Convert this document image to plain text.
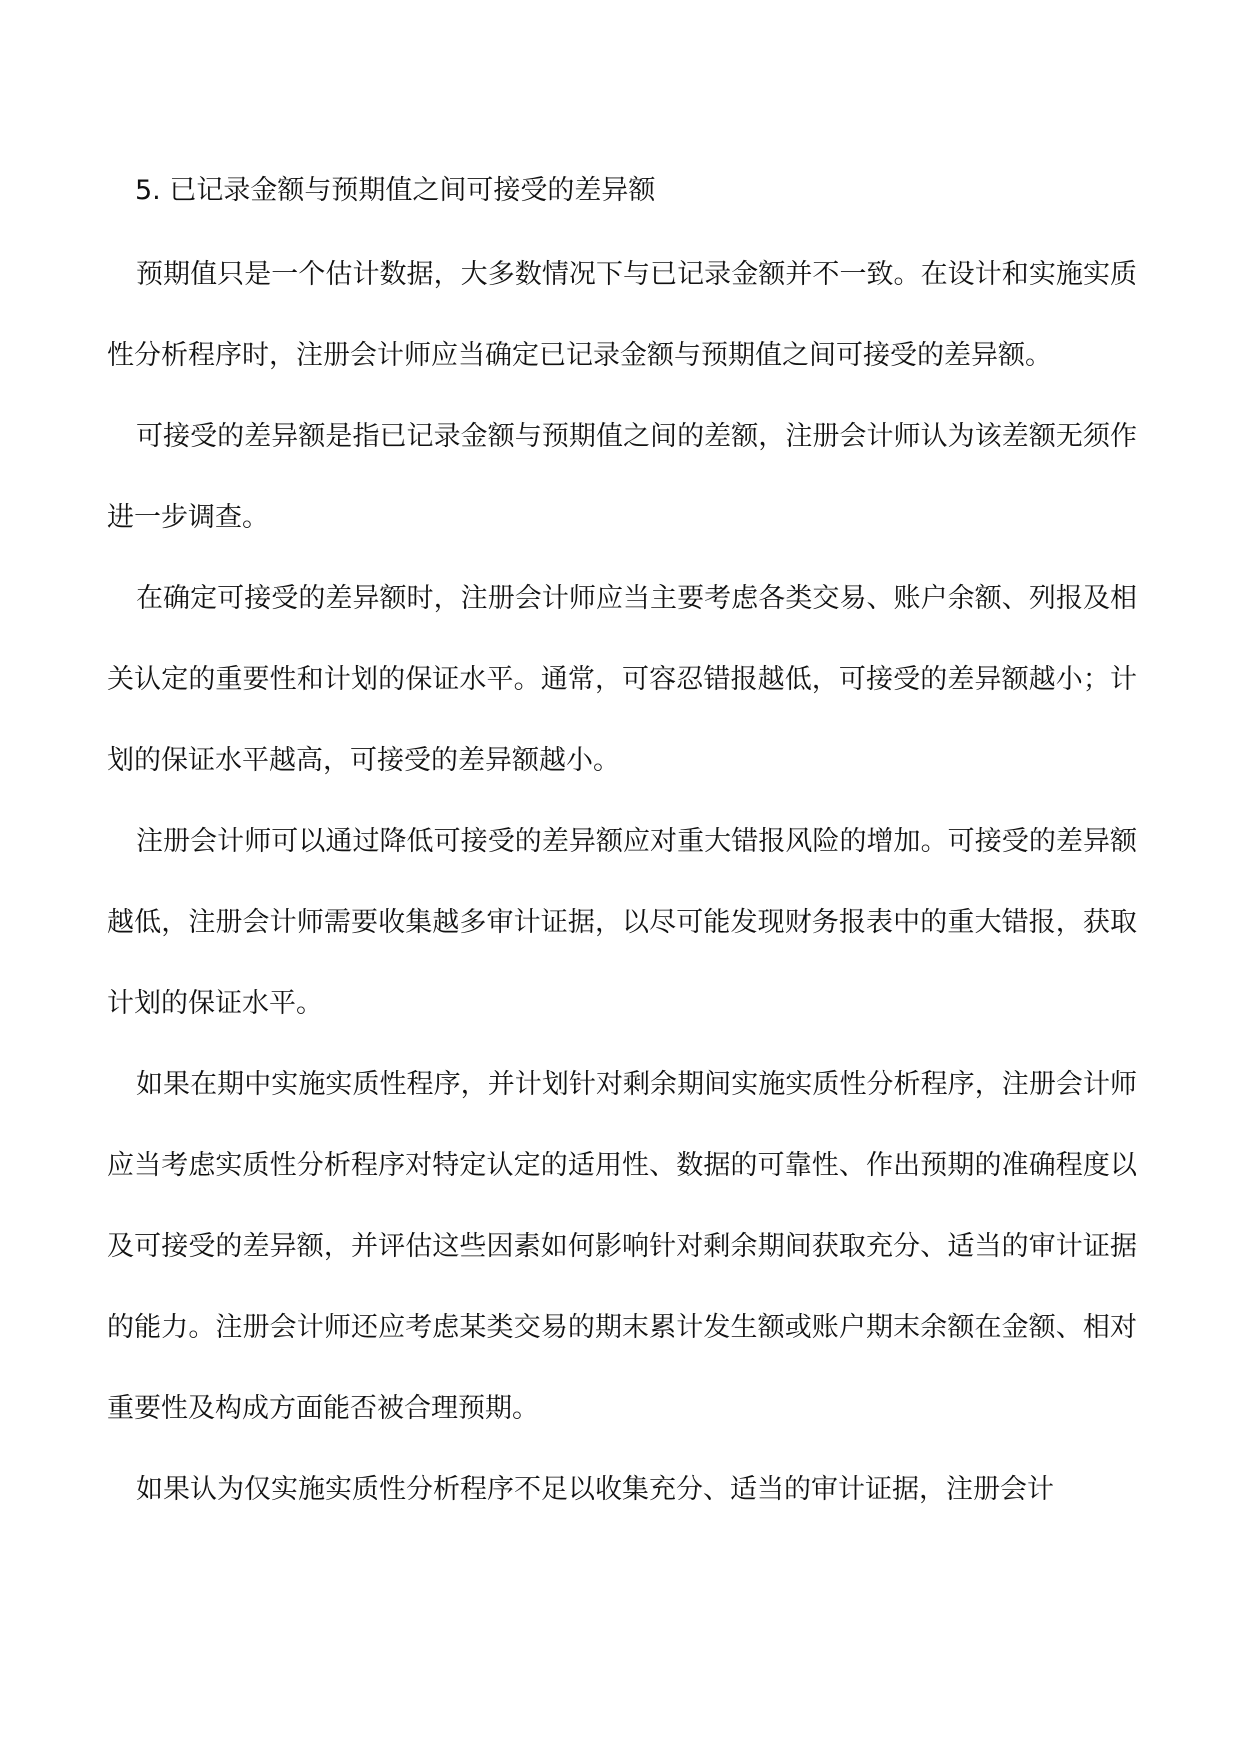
5. 已记录金额与预期值之间可接受的差异额

预期值只是一个估计数据，大多数情况下与已记录金额并不一致。在设计和实施实质性分析程序时，注册会计师应当确定已记录金额与预期值之间可接受的差异额。

可接受的差异额是指已记录金额与预期值之间的差额，注册会计师认为该差额无须作进一步调查。

在确定可接受的差异额时，注册会计师应当主要考虑各类交易、账户余额、列报及相关认定的重要性和计划的保证水平。通常，可容忍错报越低，可接受的差异额越小；计划的保证水平越高，可接受的差异额越小。

注册会计师可以通过降低可接受的差异额应对重大错报风险的增加。可接受的差异额越低，注册会计师需要收集越多审计证据，以尽可能发现财务报表中的重大错报，获取计划的保证水平。

如果在期中实施实质性程序，并计划针对剩余期间实施实质性分析程序，注册会计师应当考虑实质性分析程序对特定认定的适用性、数据的可靠性、作出预期的准确程度以及可接受的差异额，并评估这些因素如何影响针对剩余期间获取充分、适当的审计证据的能力。注册会计师还应考虑某类交易的期末累计发生额或账户期末余额在金额、相对重要性及构成方面能否被合理预期。

如果认为仅实施实质性分析程序不足以收集充分、适当的审计证据，注册会计
